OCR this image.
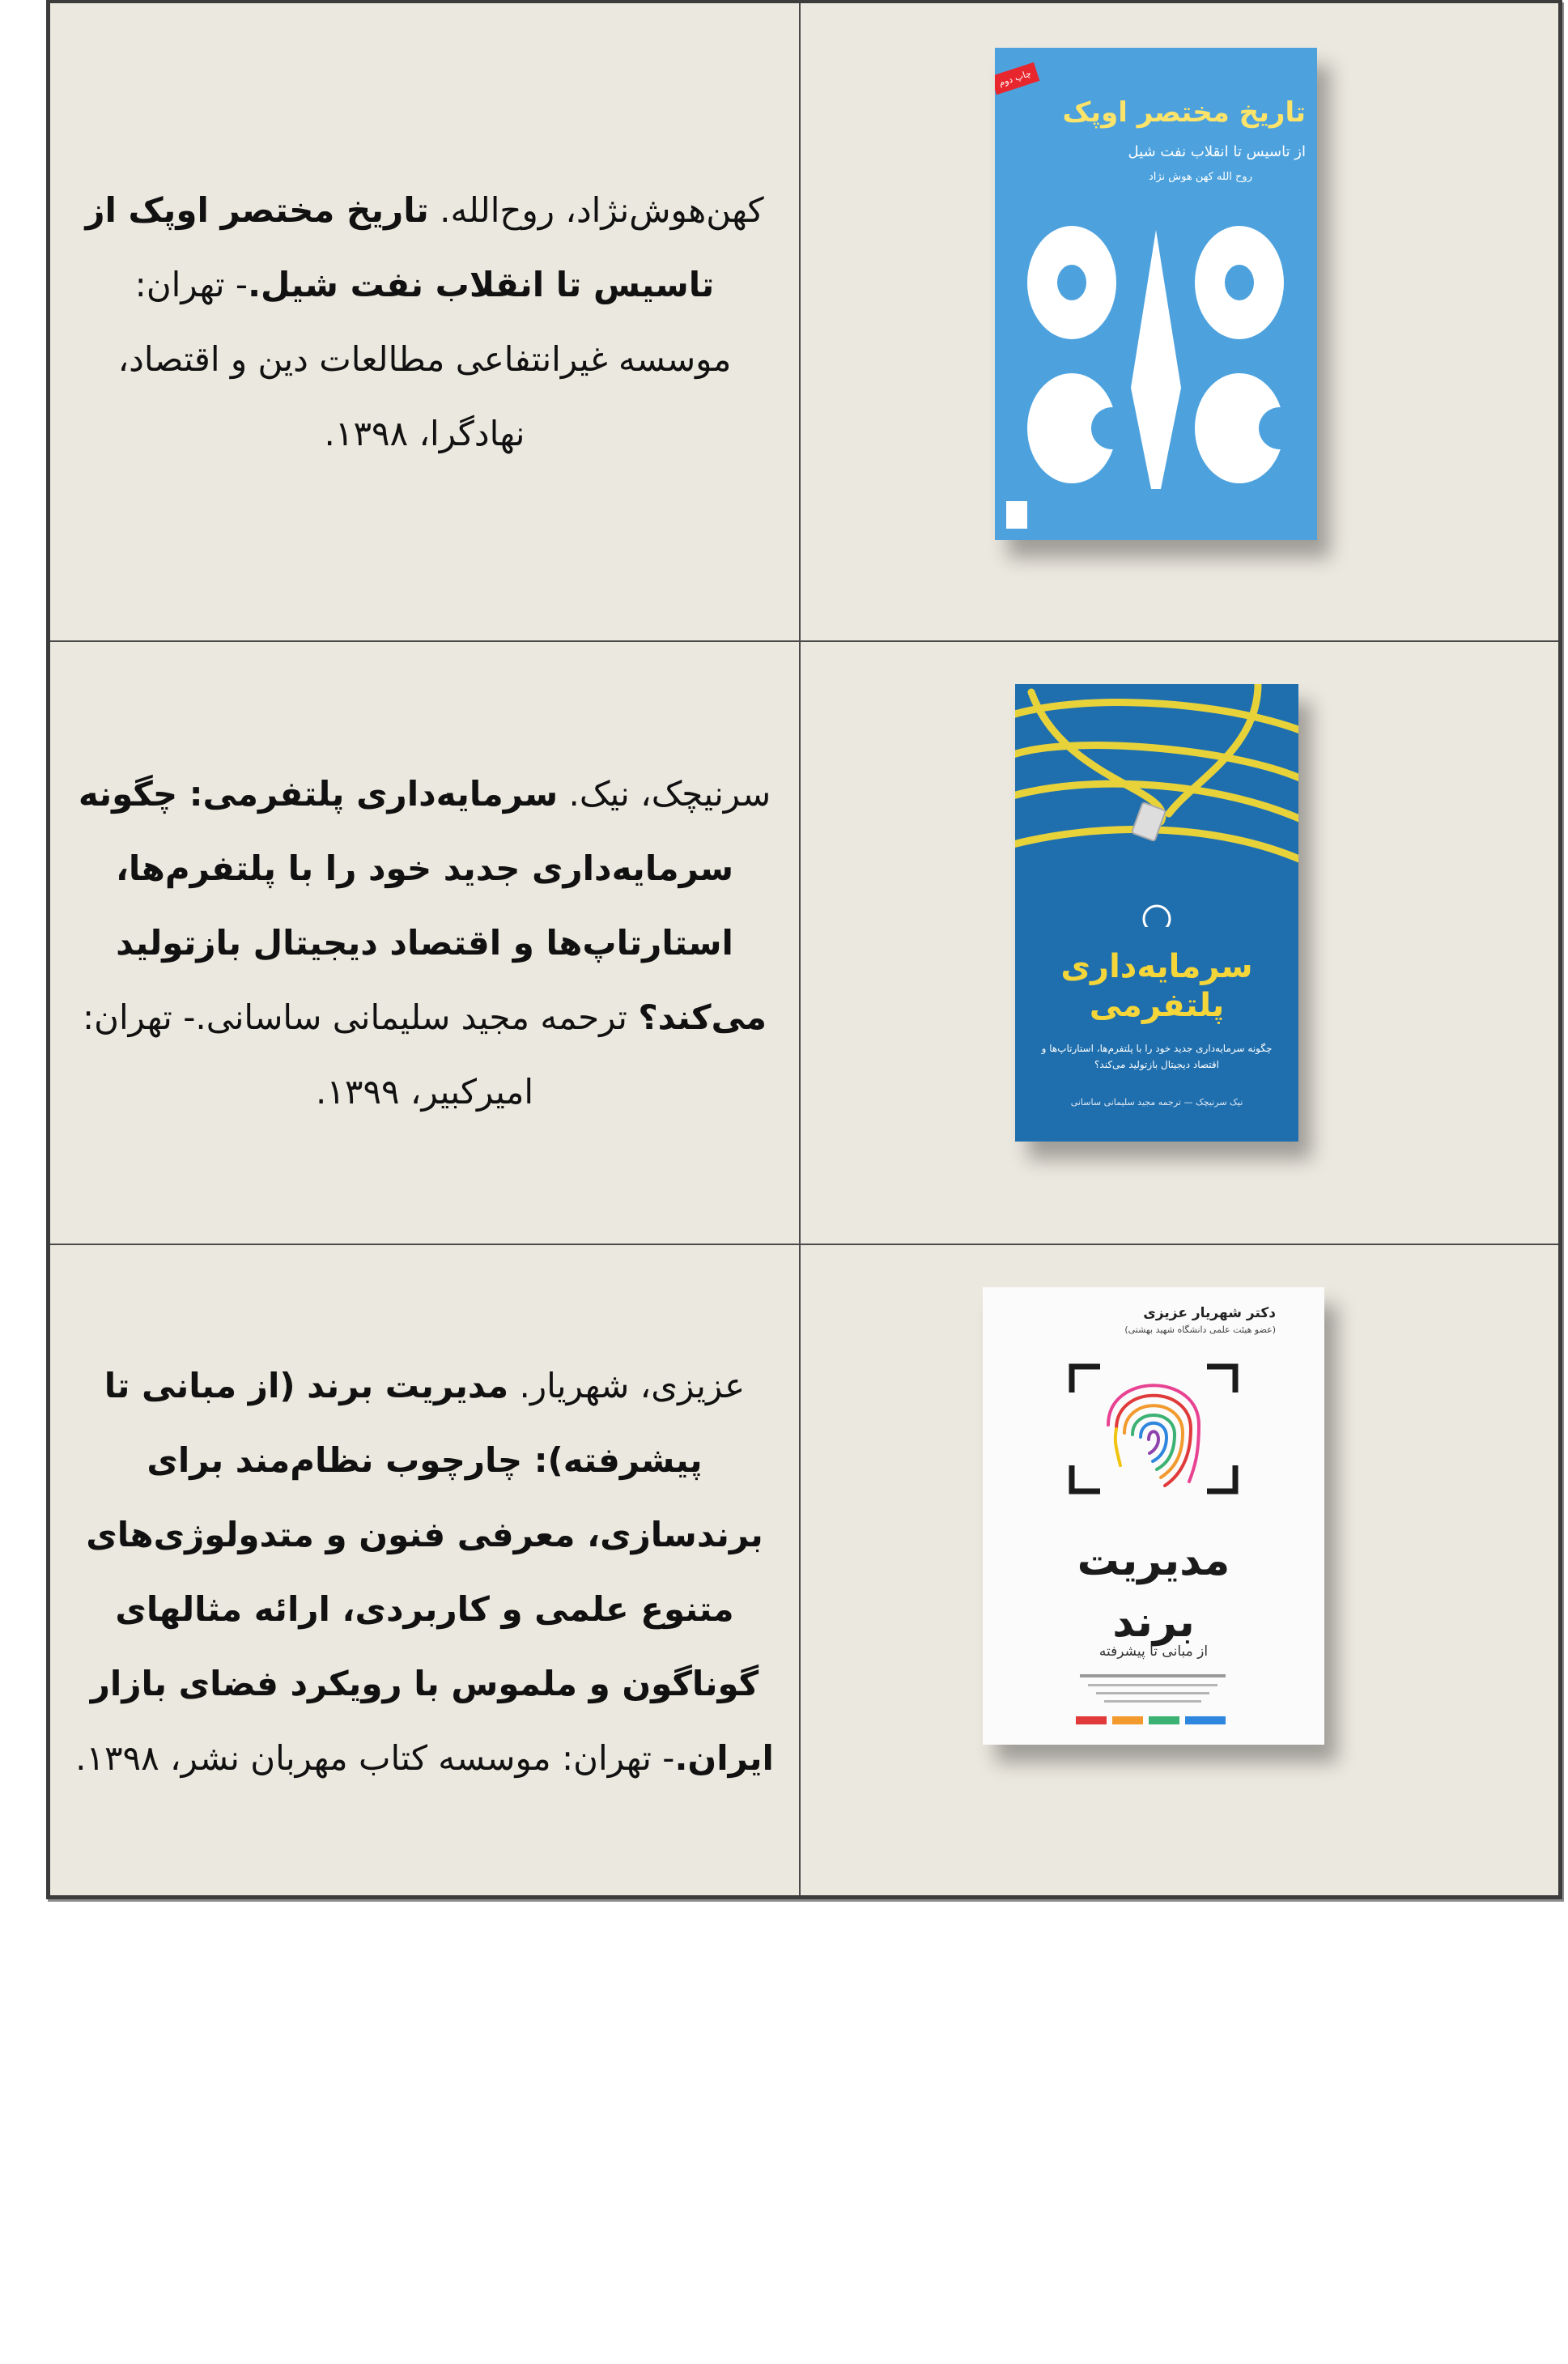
کهن‌هوش‌نژاد، روح‌الله. تاریخ مختصر اوپک از تاسیس تا انقلاب نفت شیل.- تهران: موسسه غیرانتفاعی مطالعات دین و اقتصاد، نهادگرا، ۱۳۹۸.
چاپ دوم
تاریخ مختصر اوپک
از تاسیس تا انقلاب نفت شیل
روح الله کهن هوش نژاد
سرنیچک، نیک. سرمایه‌داری پلتفرمی: چگونه سرمایه‌داری جدید خود را با پلتفرم‌ها، استارتاپ‌ها و اقتصاد دیجیتال بازتولید می‌کند؟ ترحمه مجید سلیمانی ساسانی.- تهران: امیرکبیر، ۱۳۹۹.
سرمایه‌داری
پلتفرمی
چگونه سرمایه‌داری جدید خود را با پلتفرم‌ها، استارتاپ‌ها و اقتصاد دیجیتال بازتولید می‌کند؟
نیک سرنیچک — ترجمه مجید سلیمانی ساسانی
عزیزی، شهریار. مدیریت برند (از مبانی تا پیشرفته): چارچوب نظام‌مند برای برندسازی، معرفی فنون و متدولوژی‌های متنوع علمی و کاربردی، ارائه مثالهای گوناگون و ملموس با رویکرد فضای بازار ایران.- تهران: موسسه کتاب مهربان نشر، ۱۳۹۸.
دکتر شهریار عزیزی
(عضو هیئت علمی دانشگاه شهید بهشتی)
مدیریت
برند
از مبانی تا پیشرفته
